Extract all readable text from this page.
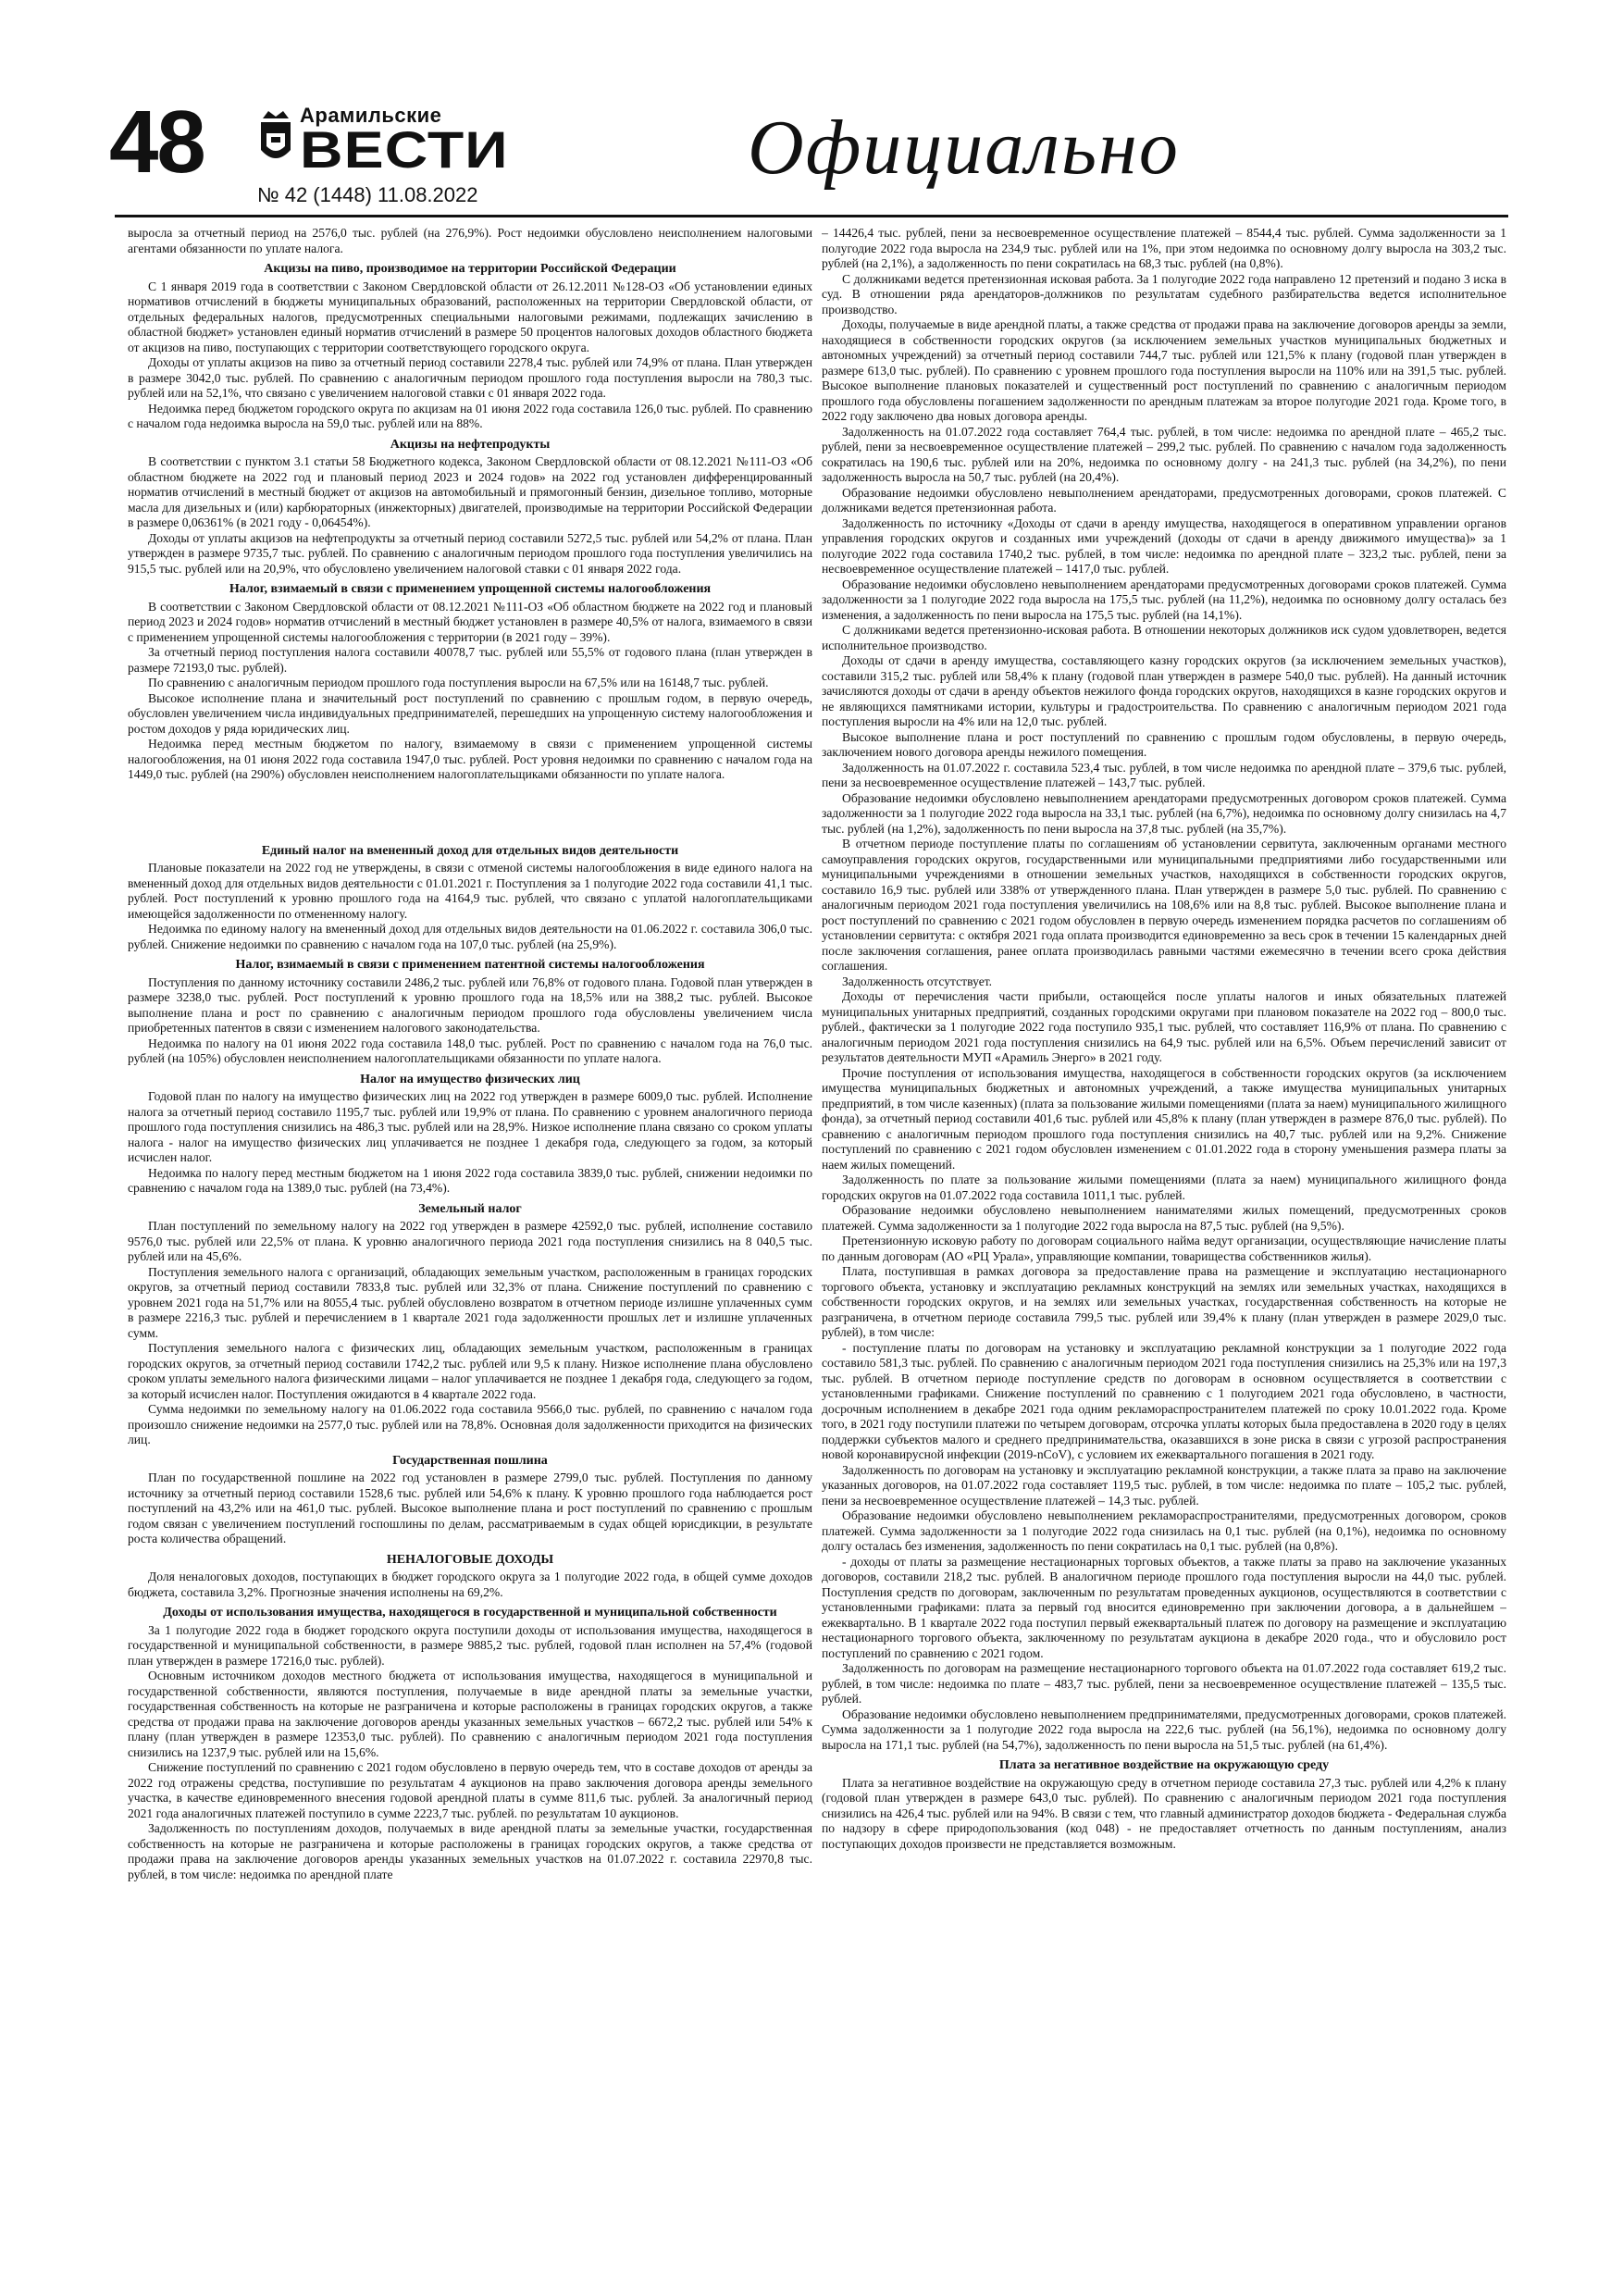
48	Арамильские
ВЕСТИ
№ 42 (1448) 11.08.2022
Официально

выросла за отчетный период на 2576,0 тыс. рублей (на 276,9%). Рост недоимки обусловлено неисполнением налоговыми агентами обязанности по уплате налога.

Акцизы на пиво, производимое на территории Российской Федерации

С 1 января 2019 года в соответствии с Законом Свердловской области от 26.12.2011 №128-ОЗ «Об установлении единых нормативов отчислений в бюджеты муниципальных образований, расположенных на территории Свердловской области, от отдельных федеральных налогов, предусмотренных специальными налоговыми режимами, подлежащих зачислению в областной бюджет» установлен единый норматив отчислений в размере 50 процентов налоговых доходов областного бюджета от акцизов на пиво, поступающих с территории соответствующего городского округа.

Доходы от уплаты акцизов на пиво за отчетный период составили 2278,4 тыс. рублей или 74,9% от плана. План утвержден в размере 3042,0 тыс. рублей. По сравнению с аналогичным периодом прошлого года поступления выросли на 780,3 тыс. рублей или на 52,1%, что связано с увеличением налоговой ставки с 01 января 2022 года.

Недоимка перед бюджетом городского округа по акцизам на 01 июня 2022 года составила 126,0 тыс. рублей. По сравнению с началом года недоимка выросла на 59,0 тыс. рублей или на 88%.

Акцизы на нефтепродукты

В соответствии с пунктом 3.1 статьи 58 Бюджетного кодекса, Законом Свердловской области от 08.12.2021 №111-ОЗ «Об областном бюджете на 2022 год и плановый период 2023 и 2024 годов» на 2022 год установлен дифференцированный норматив отчислений в местный бюджет от акцизов на автомобильный и прямогонный бензин, дизельное топливо, моторные масла для дизельных и (или) карбюраторных (инжекторных) двигателей, производимые на территории Российской Федерации в размере 0,06361% (в 2021 году - 0,06454%).

Доходы от уплаты акцизов на нефтепродукты за отчетный период составили 5272,5 тыс. рублей или 54,2% от плана. План утвержден в размере 9735,7 тыс. рублей. По сравнению с аналогичным периодом прошлого года поступления увеличились на 915,5 тыс. рублей или на 20,9%, что обусловлено увеличением налоговой ставки с 01 января 2022 года.

Налог, взимаемый в связи с применением упрощенной системы налогообложения

В соответствии с Законом Свердловской области от 08.12.2021 №111-ОЗ «Об областном бюджете на 2022 год и плановый период 2023 и 2024 годов» норматив отчислений в местный бюджет установлен в размере 40,5% от налога, взимаемого в связи с применением упрощенной системы налогообложения с территории (в 2021 году – 39%).

За отчетный период поступления налога составили 40078,7 тыс. рублей или 55,5% от годового плана (план утвержден в размере 72193,0 тыс. рублей).

По сравнению с аналогичным периодом прошлого года поступления выросли на 67,5% или на 16148,7 тыс. рублей.

Высокое исполнение плана и значительный рост поступлений по сравнению с прошлым годом, в первую очередь, обусловлен увеличением числа индивидуальных предпринимателей, перешедших на упрощенную систему налогообложения и ростом доходов у ряда юридических лиц.

Недоимка перед местным бюджетом по налогу, взимаемому в связи с применением упрощенной системы налогообложения, на 01 июня 2022 года составила 1947,0 тыс. рублей. Рост уровня недоимки по сравнению с началом года на 1449,0 тыс. рублей (на 290%) обусловлен неисполнением налогоплательщиками обязанности по уплате налога.

Единый налог на вмененный доход для отдельных видов деятельности

Плановые показатели на 2022 год не утверждены, в связи с отменой системы налогообложения в виде единого налога на вмененный доход для отдельных видов деятельности с 01.01.2021 г. Поступления за 1 полугодие 2022 года составили 41,1 тыс. рублей. Рост поступлений к уровню прошлого года на 4164,9 тыс. рублей, что связано с уплатой налогоплательщиками имеющейся задолженности по отмененному налогу.

Недоимка по единому налогу на вмененный доход для отдельных видов деятельности на 01.06.2022 г. составила 306,0 тыс. рублей. Снижение недоимки по сравнению с началом года на 107,0 тыс. рублей (на 25,9%).

Налог, взимаемый в связи с применением патентной системы налогообложения

Поступления по данному источнику составили 2486,2 тыс. рублей или 76,8% от годового плана. Годовой план утвержден в размере 3238,0 тыс. рублей. Рост поступлений к уровню прошлого года на 18,5% или на 388,2 тыс. рублей. Высокое выполнение плана и рост по сравнению с аналогичным периодом прошлого года обусловлены увеличением числа приобретенных патентов в связи с изменением налогового законодательства.

Недоимка по налогу на 01 июня 2022 года составила 148,0 тыс. рублей. Рост по сравнению с началом года на 76,0 тыс. рублей (на 105%) обусловлен неисполнением налогоплательщиками обязанности по уплате налога.

Налог на имущество физических лиц

Годовой план по налогу на имущество физических лиц на 2022 год утвержден в размере 6009,0 тыс. рублей. Исполнение налога за отчетный период составило 1195,7 тыс. рублей или 19,9% от плана. По сравнению с уровнем аналогичного периода прошлого года поступления снизились на 486,3 тыс. рублей или на 28,9%. Низкое исполнение плана связано со сроком уплаты налога - налог на имущество физических лиц уплачивается не позднее 1 декабря года, следующего за годом, за который исчислен налог.

Недоимка по налогу перед местным бюджетом на 1 июня 2022 года составила 3839,0 тыс. рублей, снижении недоимки по сравнению с началом года на 1389,0 тыс. рублей (на 73,4%).

Земельный налог

План поступлений по земельному налогу на 2022 год утвержден в размере 42592,0 тыс. рублей, исполнение составило 9576,0 тыс. рублей или 22,5% от плана. К уровню аналогичного периода 2021 года поступления снизились на 8 040,5 тыс. рублей или на 45,6%.

Поступления земельного налога с организаций, обладающих земельным участком, расположенным в границах городских округов, за отчетный период составили 7833,8 тыс. рублей или 32,3% от плана. Снижение поступлений по сравнению с уровнем 2021 года на 51,7% или на 8055,4 тыс. рублей обусловлено возвратом в отчетном периоде излишне уплаченных сумм в размере 2216,3 тыс. рублей и перечислением в 1 квартале 2021 года задолженности прошлых лет и излишне уплаченных сумм.

Поступления земельного налога с физических лиц, обладающих земельным участком, расположенным в границах городских округов, за отчетный период составили 1742,2 тыс. рублей или 9,5 к плану. Низкое исполнение плана обусловлено сроком уплаты земельного налога физическими лицами – налог уплачивается не позднее 1 декабря года, следующего за годом, за который исчислен налог. Поступления ожидаются в 4 квартале 2022 года.

Сумма недоимки по земельному налогу на 01.06.2022 года составила 9566,0 тыс. рублей, по сравнению с началом года произошло снижение недоимки на 2577,0 тыс. рублей или на 78,8%. Основная доля задолженности приходится на физических лиц.

Государственная пошлина

План по государственной пошлине на 2022 год установлен в размере 2799,0 тыс. рублей. Поступления по данному источнику за отчетный период составили 1528,6 тыс. рублей или 54,6% к плану. К уровню прошлого года наблюдается рост поступлений на 43,2% или на 461,0 тыс. рублей. Высокое выполнение плана и рост поступлений по сравнению с прошлым годом связан с увеличением поступлений госпошлины по делам, рассматриваемым в судах общей юрисдикции, в результате роста количества обращений.

НЕНАЛОГОВЫЕ ДОХОДЫ

Доля неналоговых доходов, поступающих в бюджет городского округа за 1 полугодие 2022 года, в общей сумме доходов бюджета, составила 3,2%. Прогнозные значения исполнены на 69,2%.

Доходы от использования имущества, находящегося в государственной и муниципальной собственности

За 1 полугодие 2022 года в бюджет городского округа поступили доходы от использования имущества, находящегося в государственной и муниципальной собственности, в размере 9885,2 тыс. рублей, годовой план исполнен на 57,4% (годовой план утвержден в размере 17216,0 тыс. рублей).

Основным источником доходов местного бюджета от использования имущества, находящегося в муниципальной и государственной собственности, являются поступления, получаемые в виде арендной платы за земельные участки, государственная собственность на которые не разграничена и которые расположены в границах городских округов, а также средства от продажи права на заключение договоров аренды указанных земельных участков – 6672,2 тыс. рублей или 54% к плану (план утвержден в размере 12353,0 тыс. рублей). По сравнению с аналогичным периодом 2021 года поступления снизились на 1237,9 тыс. рублей или на 15,6%.

Снижение поступлений по сравнению с 2021 годом обусловлено в первую очередь тем, что в составе доходов от аренды за 2022 год отражены средства, поступившие по результатам 4 аукционов на право заключения договора аренды земельного участка, в качестве единовременного внесения годовой арендной платы в сумме 811,6 тыс. рублей. За аналогичный период 2021 года аналогичных платежей поступило в сумме 2223,7 тыс. рублей. по результатам 10 аукционов.

Задолженность по поступлениям доходов, получаемых в виде арендной платы за земельные участки, государственная собственность на которые не разграничена и которые расположены в границах городских округов, а также средства от продажи права на заключение договоров аренды указанных земельных участков на 01.07.2022 г. составила 22970,8 тыс. рублей, в том числе: недоимка по арендной плате

– 14426,4 тыс. рублей, пени за несвоевременное осуществление платежей – 8544,4 тыс. рублей. Сумма задолженности за 1 полугодие 2022 года выросла на 234,9 тыс. рублей или на 1%, при этом недоимка по основному долгу выросла на 303,2 тыс. рублей (на 2,1%), а задолженность по пени сократилась на 68,3 тыс. рублей (на 0,8%).

С должниками ведется претензионная исковая работа. За 1 полугодие 2022 года направлено 12 претензий и подано 3 иска в суд. В отношении ряда арендаторов-должников по результатам судебного разбирательства ведется исполнительное производство.

Доходы, получаемые в виде арендной платы, а также средства от продажи права на заключение договоров аренды за земли, находящиеся в собственности городских округов (за исключением земельных участков муниципальных бюджетных и автономных учреждений) за отчетный период составили 744,7 тыс. рублей или 121,5% к плану (годовой план утвержден в размере 613,0 тыс. рублей). По сравнению с уровнем прошлого года поступления выросли на 110% или на 391,5 тыс. рублей. Высокое выполнение плановых показателей и существенный рост поступлений по сравнению с аналогичным периодом прошлого года обусловлены погашением задолженности по арендным платежам за второе полугодие 2021 года. Кроме того, в 2022 году заключено два новых договора аренды.

Задолженность на 01.07.2022 года составляет 764,4 тыс. рублей, в том числе: недоимка по арендной плате – 465,2 тыс. рублей, пени за несвоевременное осуществление платежей – 299,2 тыс. рублей. По сравнению с началом года задолженность сократилась на 190,6 тыс. рублей или на 20%, недоимка по основному долгу - на 241,3 тыс. рублей (на 34,2%), по пени задолженность выросла на 50,7 тыс. рублей (на 20,4%).

Образование недоимки обусловлено невыполнением арендаторами, предусмотренных договорами, сроков платежей. С должниками ведется претензионная работа.

Задолженность по источнику «Доходы от сдачи в аренду имущества, находящегося в оперативном управлении органов управления городских округов и созданных ими учреждений (доходы от сдачи в аренду движимого имущества)» за 1 полугодие 2022 года составила 1740,2 тыс. рублей, в том числе: недоимка по арендной плате – 323,2 тыс. рублей, пени за несвоевременное осуществление платежей – 1417,0 тыс. рублей.

Образование недоимки обусловлено невыполнением арендаторами предусмотренных договорами сроков платежей. Сумма задолженности за 1 полугодие 2022 года выросла на 175,5 тыс. рублей (на 11,2%), недоимка по основному долгу осталась без изменения, а задолженность по пени выросла на 175,5 тыс. рублей (на 14,1%).

С должниками ведется претензионно-исковая работа. В отношении некоторых должников иск судом удовлетворен, ведется исполнительное производство.

Доходы от сдачи в аренду имущества, составляющего казну городских округов (за исключением земельных участков), составили 315,2 тыс. рублей или 58,4% к плану (годовой план утвержден в размере 540,0 тыс. рублей). На данный источник зачисляются доходы от сдачи в аренду объектов нежилого фонда городских округов, находящихся в казне городских округов и не являющихся памятниками истории, культуры и градостроительства. По сравнению с аналогичным периодом 2021 года поступления выросли на 4% или на 12,0 тыс. рублей.

Высокое выполнение плана и рост поступлений по сравнению с прошлым годом обусловлены, в первую очередь, заключением нового договора аренды нежилого помещения.

Задолженность на 01.07.2022 г. составила 523,4 тыс. рублей, в том числе недоимка по арендной плате – 379,6 тыс. рублей, пени за несвоевременное осуществление платежей – 143,7 тыс. рублей.

Образование недоимки обусловлено невыполнением арендаторами предусмотренных договором сроков платежей. Сумма задолженности за 1 полугодие 2022 года выросла на 33,1 тыс. рублей (на 6,7%), недоимка по основному долгу снизилась на 4,7 тыс. рублей (на 1,2%), задолженность по пени выросла на 37,8 тыс. рублей (на 35,7%).

В отчетном периоде поступление платы по соглашениям об установлении сервитута, заключенным органами местного самоуправления городских округов, государственными или муниципальными предприятиями либо государственными или муниципальными учреждениями в отношении земельных участков, находящихся в собственности городских округов, составило 16,9 тыс. рублей или 338% от утвержденного плана. План утвержден в размере 5,0 тыс. рублей. По сравнению с аналогичным периодом 2021 года поступления увеличились на 108,6% или на 8,8 тыс. рублей. Высокое выполнение плана и рост поступлений по сравнению с 2021 годом обусловлен в первую очередь изменением порядка расчетов по соглашениям об установлении сервитута: с октября 2021 года оплата производится единовременно за весь срок в течении 15 календарных дней после заключения соглашения, ранее оплата производилась равными частями ежемесячно в течении всего срока действия соглашения.

Задолженность отсутствует.

Доходы от перечисления части прибыли, остающейся после уплаты налогов и иных обязательных платежей муниципальных унитарных предприятий, созданных городскими округами при плановом показателе на 2022 год – 800,0 тыс. рублей., фактически за 1 полугодие 2022 года поступило 935,1 тыс. рублей, что составляет 116,9% от плана. По сравнению с аналогичным периодом 2021 года поступления снизились на 64,9 тыс. рублей или на 6,5%. Объем перечислений зависит от результатов деятельности МУП «Арамиль Энерго» в 2021 году.

Прочие поступления от использования имущества, находящегося в собственности городских округов (за исключением имущества муниципальных бюджетных и автономных учреждений, а также имущества муниципальных унитарных предприятий, в том числе казенных) (плата за пользование жилыми помещениями (плата за наем) муниципального жилищного фонда), за отчетный период составили 401,6 тыс. рублей или 45,8% к плану (план утвержден в размере 876,0 тыс. рублей). По сравнению с аналогичным периодом прошлого года поступления снизились на 40,7 тыс. рублей или на 9,2%. Снижение поступлений по сравнению с 2021 годом обусловлен изменением с 01.01.2022 года в сторону уменьшения размера платы за наем жилых помещений.

Задолженность по плате за пользование жилыми помещениями (плата за наем) муниципального жилищного фонда городских округов на 01.07.2022 года составила 1011,1 тыс. рублей.

Образование недоимки обусловлено невыполнением нанимателями жилых помещений, предусмотренных сроков платежей. Сумма задолженности за 1 полугодие 2022 года выросла на 87,5 тыс. рублей (на 9,5%).

Претензионную исковую работу по договорам социального найма ведут организации, осуществляющие начисление платы по данным договорам (АО «РЦ Урала», управляющие компании, товарищества собственников жилья).

Плата, поступившая в рамках договора за предоставление права на размещение и эксплуатацию нестационарного торгового объекта, установку и эксплуатацию рекламных конструкций на землях или земельных участках, находящихся в собственности городских округов, и на землях или земельных участках, государственная собственность на которые не разграничена, в отчетном периоде составила 799,5 тыс. рублей или 39,4% к плану (план утвержден в размере 2029,0 тыс. рублей), в том числе:

- поступление платы по договорам на установку и эксплуатацию рекламной конструкции за 1 полугодие 2022 года составило 581,3 тыс. рублей. По сравнению с аналогичным периодом 2021 года поступления снизились на 25,3% или на 197,3 тыс. рублей. В отчетном периоде поступление средств по договорам в основном осуществляется в соответствии с установленными графиками. Снижение поступлений по сравнению с 1 полугодием 2021 года обусловлено, в частности, досрочным исполнением в декабре 2021 года одним рекламораспространителем платежей по сроку 10.01.2022 года. Кроме того, в 2021 году поступили платежи по четырем договорам, отсрочка уплаты которых была предоставлена в 2020 году в целях поддержки субъектов малого и среднего предпринимательства, оказавшихся в зоне риска в связи с угрозой распространения новой коронавирусной инфекции (2019-nCoV), с условием их ежеквартального погашения в 2021 году.

Задолженность по договорам на установку и эксплуатацию рекламной конструкции, а также плата за право на заключение указанных договоров, на 01.07.2022 года составляет 119,5 тыс. рублей, в том числе: недоимка по плате – 105,2 тыс. рублей, пени за несвоевременное осуществление платежей – 14,3 тыс. рублей.

Образование недоимки обусловлено невыполнением рекламораспространителями, предусмотренных договором, сроков платежей. Сумма задолженности за 1 полугодие 2022 года снизилась на 0,1 тыс. рублей (на 0,1%), недоимка по основному долгу осталась без изменения, задолженность по пени сократилась на 0,1 тыс. рублей (на 0,8%).

- доходы от платы за размещение нестационарных торговых объектов, а также платы за право на заключение указанных договоров, составили 218,2 тыс. рублей. В аналогичном периоде прошлого года поступления выросли на 44,0 тыс. рублей. Поступления средств по договорам, заключенным по результатам проведенных аукционов, осуществляются в соответствии с установленными графиками: плата за первый год вносится единовременно при заключении договора, а в дальнейшем – ежеквартально. В 1 квартале 2022 года поступил первый ежеквартальный платеж по договору на размещение и эксплуатацию нестационарного торгового объекта, заключенному по результатам аукциона в декабре 2020 года., что и обусловило рост поступлений по сравнению с 2021 годом.

Задолженность по договорам на размещение нестационарного торгового объекта на 01.07.2022 года составляет 619,2 тыс. рублей, в том числе: недоимка по плате – 483,7 тыс. рублей, пени за несвоевременное осуществление платежей – 135,5 тыс. рублей.

Образование недоимки обусловлено невыполнением предпринимателями, предусмотренных договорами, сроков платежей. Сумма задолженности за 1 полугодие 2022 года выросла на 222,6 тыс. рублей (на 56,1%), недоимка по основному долгу выросла на 171,1 тыс. рублей (на 54,7%), задолженность по пени выросла на 51,5 тыс. рублей (на 61,4%).

Плата за негативное воздействие на окружающую среду

Плата за негативное воздействие на окружающую среду в отчетном периоде составила 27,3 тыс. рублей или 4,2% к плану (годовой план утвержден в размере 643,0 тыс. рублей). По сравнению с аналогичным периодом 2021 года поступления снизились на 426,4 тыс. рублей или на 94%. В связи с тем, что главный администратор доходов бюджета - Федеральная служба по надзору в сфере природопользования (код 048) - не предоставляет отчетность по данным поступлениям, анализ поступающих доходов произвести не представляется возможным.
